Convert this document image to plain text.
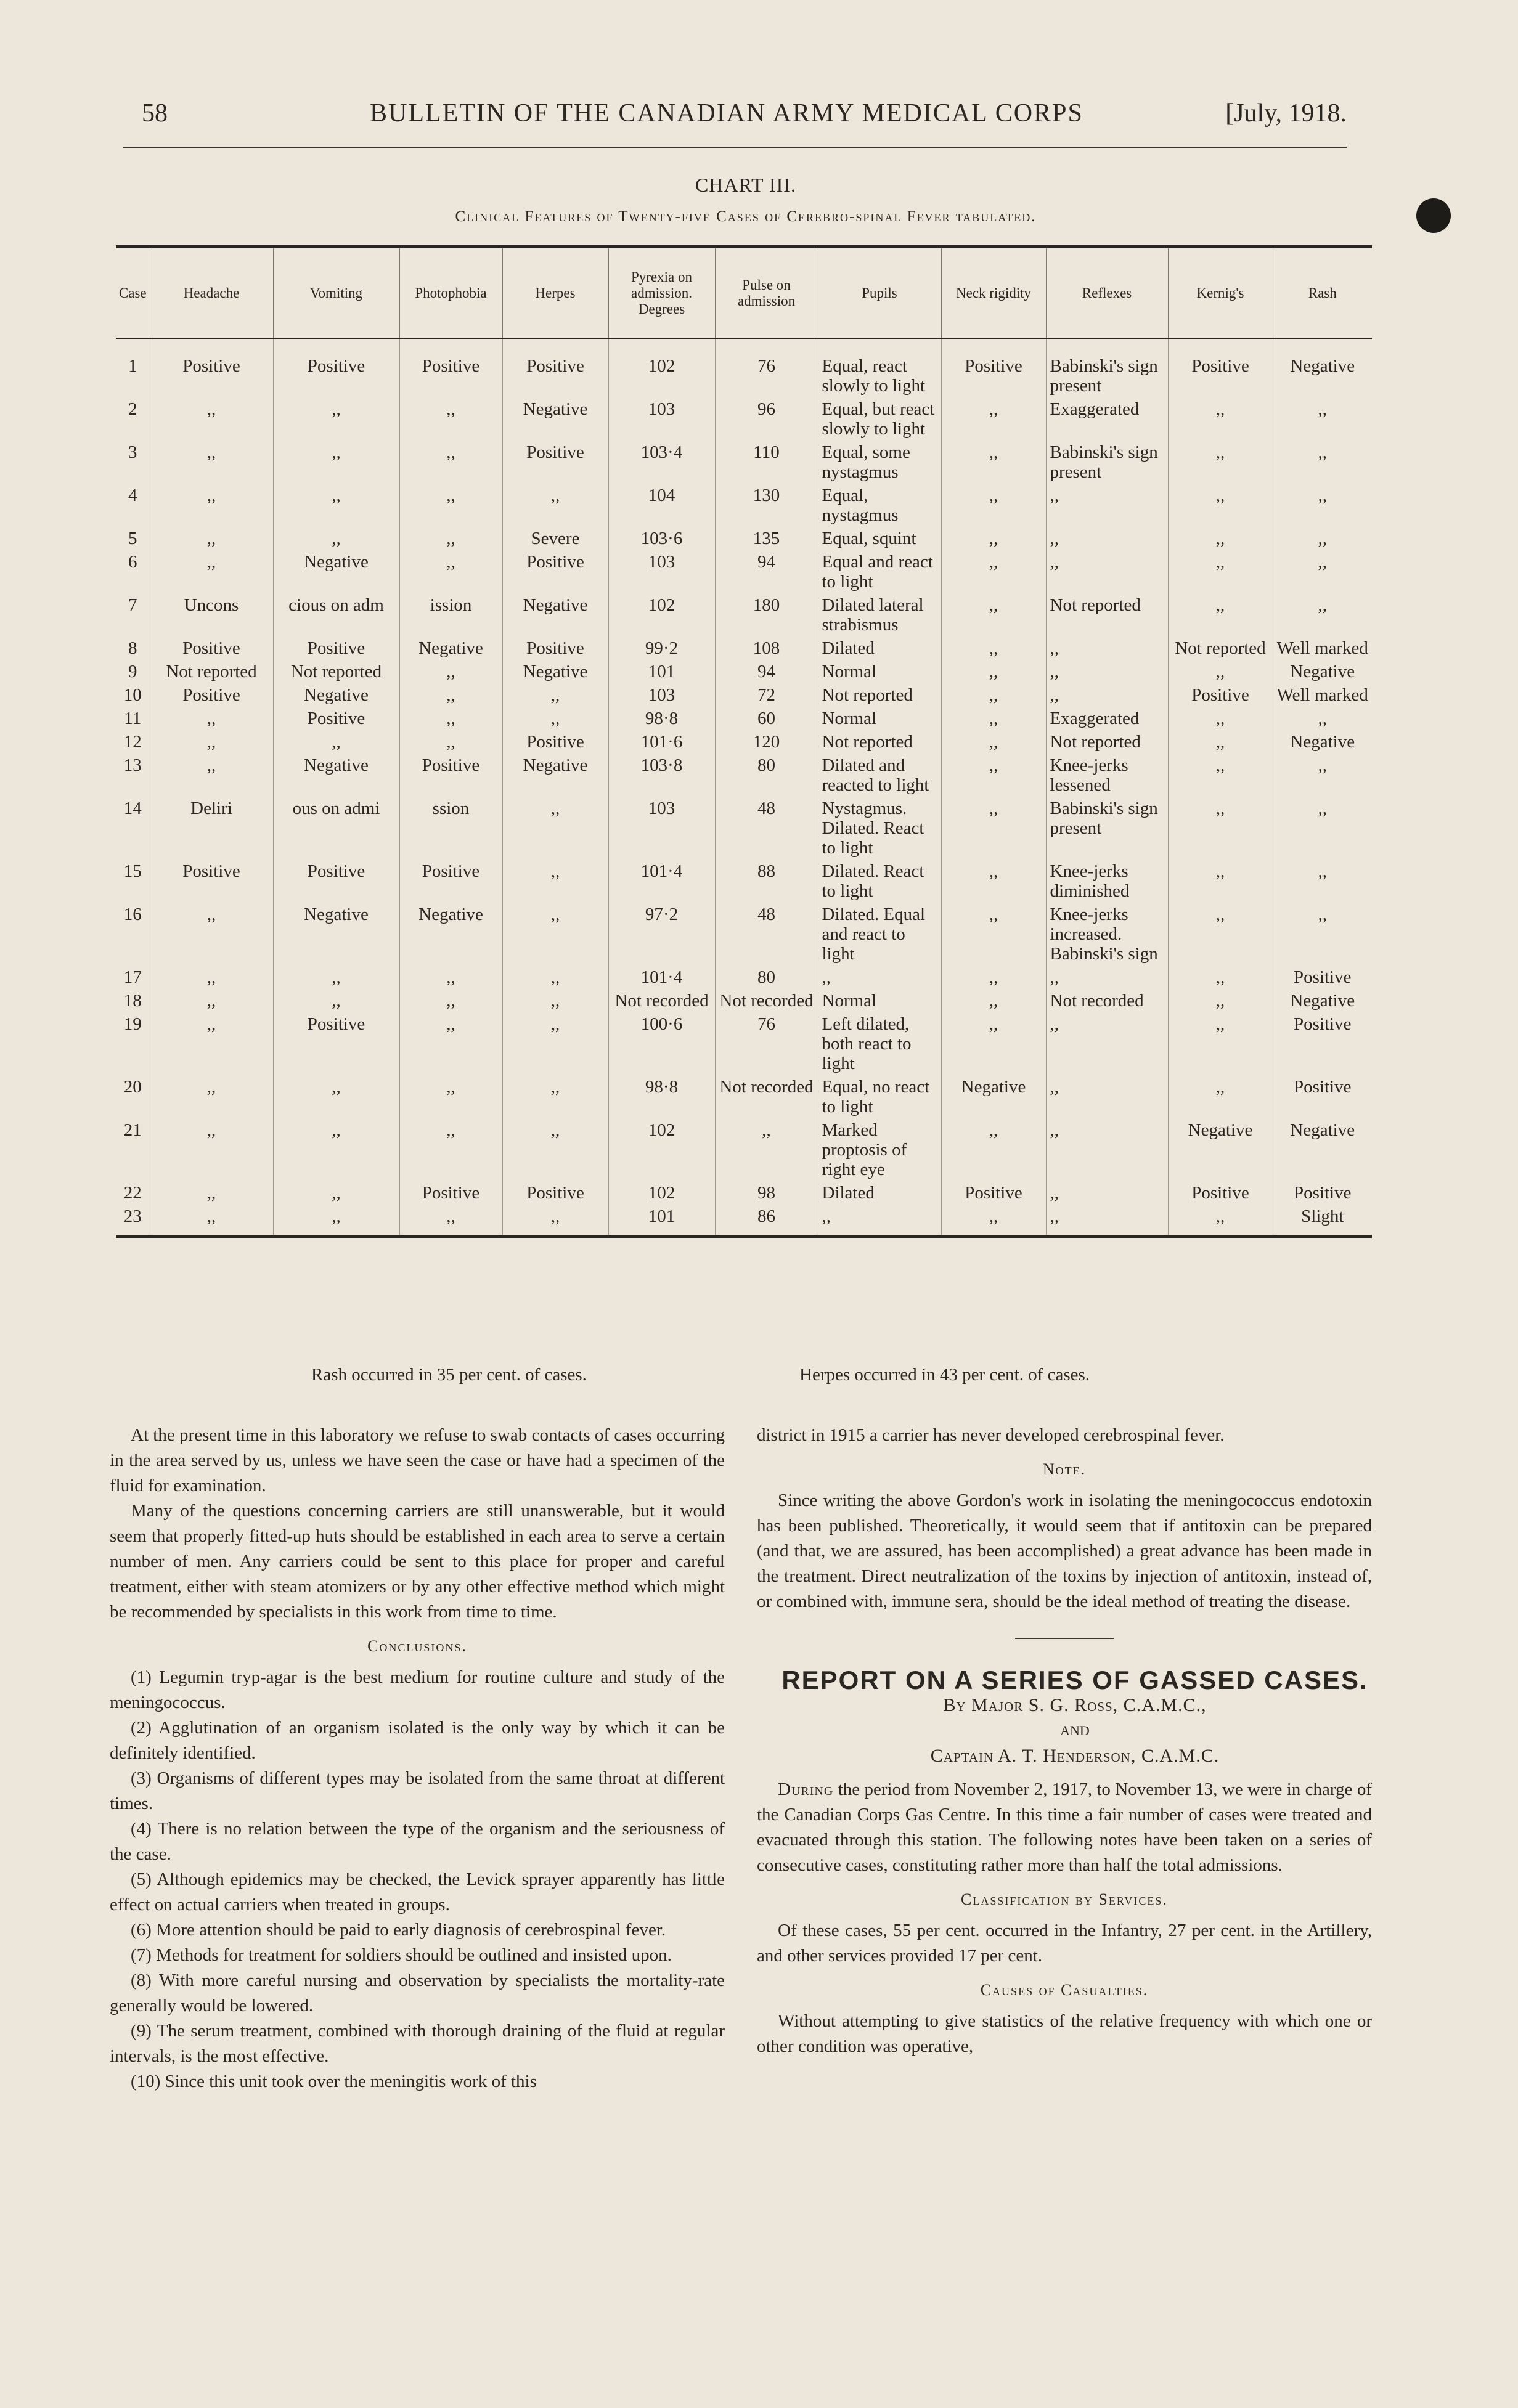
58	BULLETIN OF THE CANADIAN ARMY MEDICAL CORPS	[July, 1918.
CHART III.
Clinical Features of Twenty-five Cases of Cerebro-spinal Fever tabulated.
Case	Headache	Vomiting	Photophobia	Herpes	Pyrexia on admission. Degrees	Pulse on admission	Pupils	Neck rigidity	Reflexes	Kernig's	Rash
1	Positive	Positive	Positive	Positive	102	76	Equal, react slowly to light	Positive	Babinski's sign present	Positive	Negative
2	,,	,,	,,	Negative	103	96	Equal, but react slowly to light	,,	Exaggerated	,,	,,
3	,,	,,	,,	Positive	103·4	110	Equal, some nystagmus	,,	Babinski's sign present	,,	,,
4	,,	,,	,,	,,	104	130	Equal, nystagmus	,,	,,	,,	,,
5	,,	,,	,,	Severe	103·6	135	Equal, squint	,,	,,	,,	,,
6	,,	Negative	,,	Positive	103	94	Equal and react to light	,,	,,	,,	,,
7	Uncons	cious on adm	ission	Negative	102	180	Dilated lateral strabismus	,,	Not reported	,,	,,
8	Positive	Positive	Negative	Positive	99·2	108	Dilated	,,	,,	Not reported	Well marked
9	Not reported	Not reported	,,	Negative	101	94	Normal	,,	,,	,,	Negative
10	Positive	Negative	,,	,,	103	72	Not reported	,,	,,	Positive	Well marked
11	,,	Positive	,,	,,	98·8	60	Normal	,,	Exaggerated	,,	,,
12	,,	,,	,,	Positive	101·6	120	Not reported	,,	Not reported	,,	Negative
13	,,	Negative	Positive	Negative	103·8	80	Dilated and reacted to light	,,	Knee-jerks lessened	,,	,,
14	Deliri	ous on admi	ssion	,,	103	48	Nystagmus. Dilated. React to light	,,	Babinski's sign present	,,	,,
15	Positive	Positive	Positive	,,	101·4	88	Dilated. React to light	,,	Knee-jerks diminished	,,	,,
16	,,	Negative	Negative	,,	97·2	48	Dilated. Equal and react to light	,,	Knee-jerks increased. Babinski's sign	,,	,,
17	,,	,,	,,	,,	101·4	80	,,	,,	,,	,,	Positive
18	,,	,,	,,	,,	Not recorded	Not recorded	Normal	,,	Not recorded	,,	Negative
19	,,	Positive	,,	,,	100·6	76	Left dilated, both react to light	,,	,,	,,	Positive
20	,,	,,	,,	,,	98·8	Not recorded	Equal, no react to light	Negative	,,	,,	Positive
21	,,	,,	,,	,,	102	,,	Marked proptosis of right eye	,,	,,	Negative	Negative
22	,,	,,	Positive	Positive	102	98	Dilated	Positive	,,	Positive	Positive
23	,,	,,	,,	,,	101	86	,,	,,	,,	,,	Slight
Rash occurred in 35 per cent. of cases.	Herpes occurred in 43 per cent. of cases.

At the present time in this laboratory we refuse to swab contacts of cases occurring in the area served by us, unless we have seen the case or have had a specimen of the fluid for examination.

Many of the questions concerning carriers are still unanswerable, but it would seem that properly fitted-up huts should be established in each area to serve a certain number of men. Any carriers could be sent to this place for proper and careful treatment, either with steam atomizers or by any other effective method which might be recommended by specialists in this work from time to time.

Conclusions.

(1) Legumin tryp-agar is the best medium for routine culture and study of the meningococcus.

(2) Agglutination of an organism isolated is the only way by which it can be definitely identified.

(3) Organisms of different types may be isolated from the same throat at different times.

(4) There is no relation between the type of the organism and the seriousness of the case.

(5) Although epidemics may be checked, the Levick sprayer apparently has little effect on actual carriers when treated in groups.

(6) More attention should be paid to early diagnosis of cerebrospinal fever.

(7) Methods for treatment for soldiers should be outlined and insisted upon.

(8) With more careful nursing and observation by specialists the mortality-rate generally would be lowered.

(9) The serum treatment, combined with thorough draining of the fluid at regular intervals, is the most effective.

(10) Since this unit took over the meningitis work of this

district in 1915 a carrier has never developed cerebrospinal fever.

Note.

Since writing the above Gordon's work in isolating the meningococcus endotoxin has been published. Theoretically, it would seem that if antitoxin can be prepared (and that, we are assured, has been accomplished) a great advance has been made in the treatment. Direct neutralization of the toxins by injection of antitoxin, instead of, or combined with, immune sera, should be the ideal method of treating the disease.

REPORT ON A SERIES OF GASSED CASES.

By Major S. G. Ross, C.A.M.C.,

AND

Captain A. T. Henderson, C.A.M.C.

During the period from November 2, 1917, to November 13, we were in charge of the Canadian Corps Gas Centre. In this time a fair number of cases were treated and evacuated through this station. The following notes have been taken on a series of consecutive cases, constituting rather more than half the total admissions.

Classification by Services.

Of these cases, 55 per cent. occurred in the Infantry, 27 per cent. in the Artillery, and other services provided 17 per cent.

Causes of Casualties.

Without attempting to give statistics of the relative frequency with which one or other condition was operative,
